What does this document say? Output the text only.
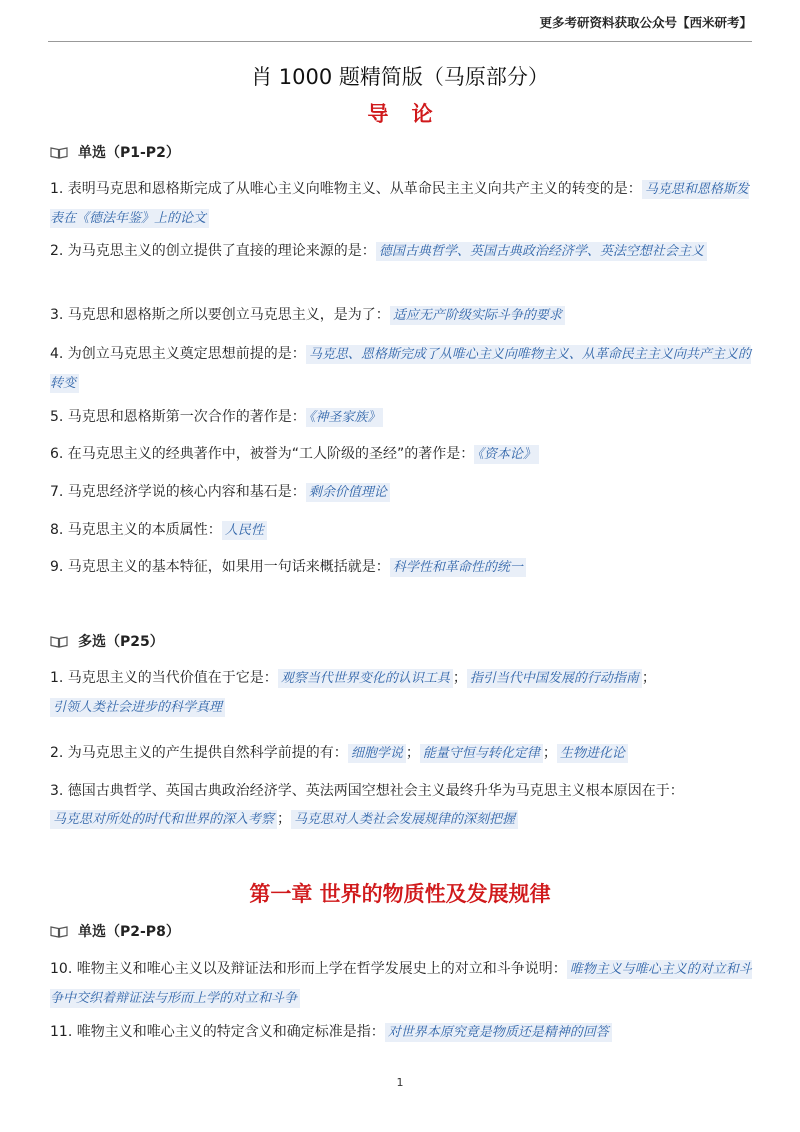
更多考研资料获取公众号【西米研考】
肖 1000 题精简版（马原部分）
导 论
单选（P1-P2）
1. 表明马克思和恩格斯完成了从唯心主义向唯物主义、从革命民主主义向共产主义的转变的是： 马克思和恩格斯发表在《德法年鉴》上的论文
2. 为马克思主义的创立提供了直接的理论来源的是： 德国古典哲学、英国古典政治经济学、英法空想社会主义
3. 马克思和恩格斯之所以要创立马克思主义，是为了： 适应无产阶级实际斗争的要求
4. 为创立马克思主义奠定思想前提的是： 马克思、恩格斯完成了从唯心主义向唯物主义、从革命民主主义向共产主义的转变
5. 马克思和恩格斯第一次合作的著作是： 《神圣家族》
6. 在马克思主义的经典著作中，被誉为“工人阶级的圣经”的著作是： 《资本论》
7. 马克思经济学说的核心内容和基石是： 剩余价值理论
8. 马克思主义的本质属性： 人民性
9. 马克思主义的基本特征，如果用一句话来概括就是： 科学性和革命性的统一
多选（P25）
1. 马克思主义的当代价值在于它是： 观察当代世界变化的认识工具 ； 指引当代中国发展的行动指南 ；
引领人类社会进步的科学真理
2. 为马克思主义的产生提供自然科学前提的有： 细胞学说 ； 能量守恒与转化定律 ； 生物进化论
3. 德国古典哲学、英国古典政治经济学、英法两国空想社会主义最终升华为马克思主义根本原因在于：
马克思对所处的时代和世界的深入考察 ； 马克思对人类社会发展规律的深刻把握
第一章 世界的物质性及发展规律
单选（P2-P8）
10. 唯物主义和唯心主义以及辩证法和形而上学在哲学发展史上的对立和斗争说明： 唯物主义与唯心主义的对立和斗争中交织着辩证法与形而上学的对立和斗争
11. 唯物主义和唯心主义的特定含义和确定标准是指： 对世界本原究竟是物质还是精神的回答
1
